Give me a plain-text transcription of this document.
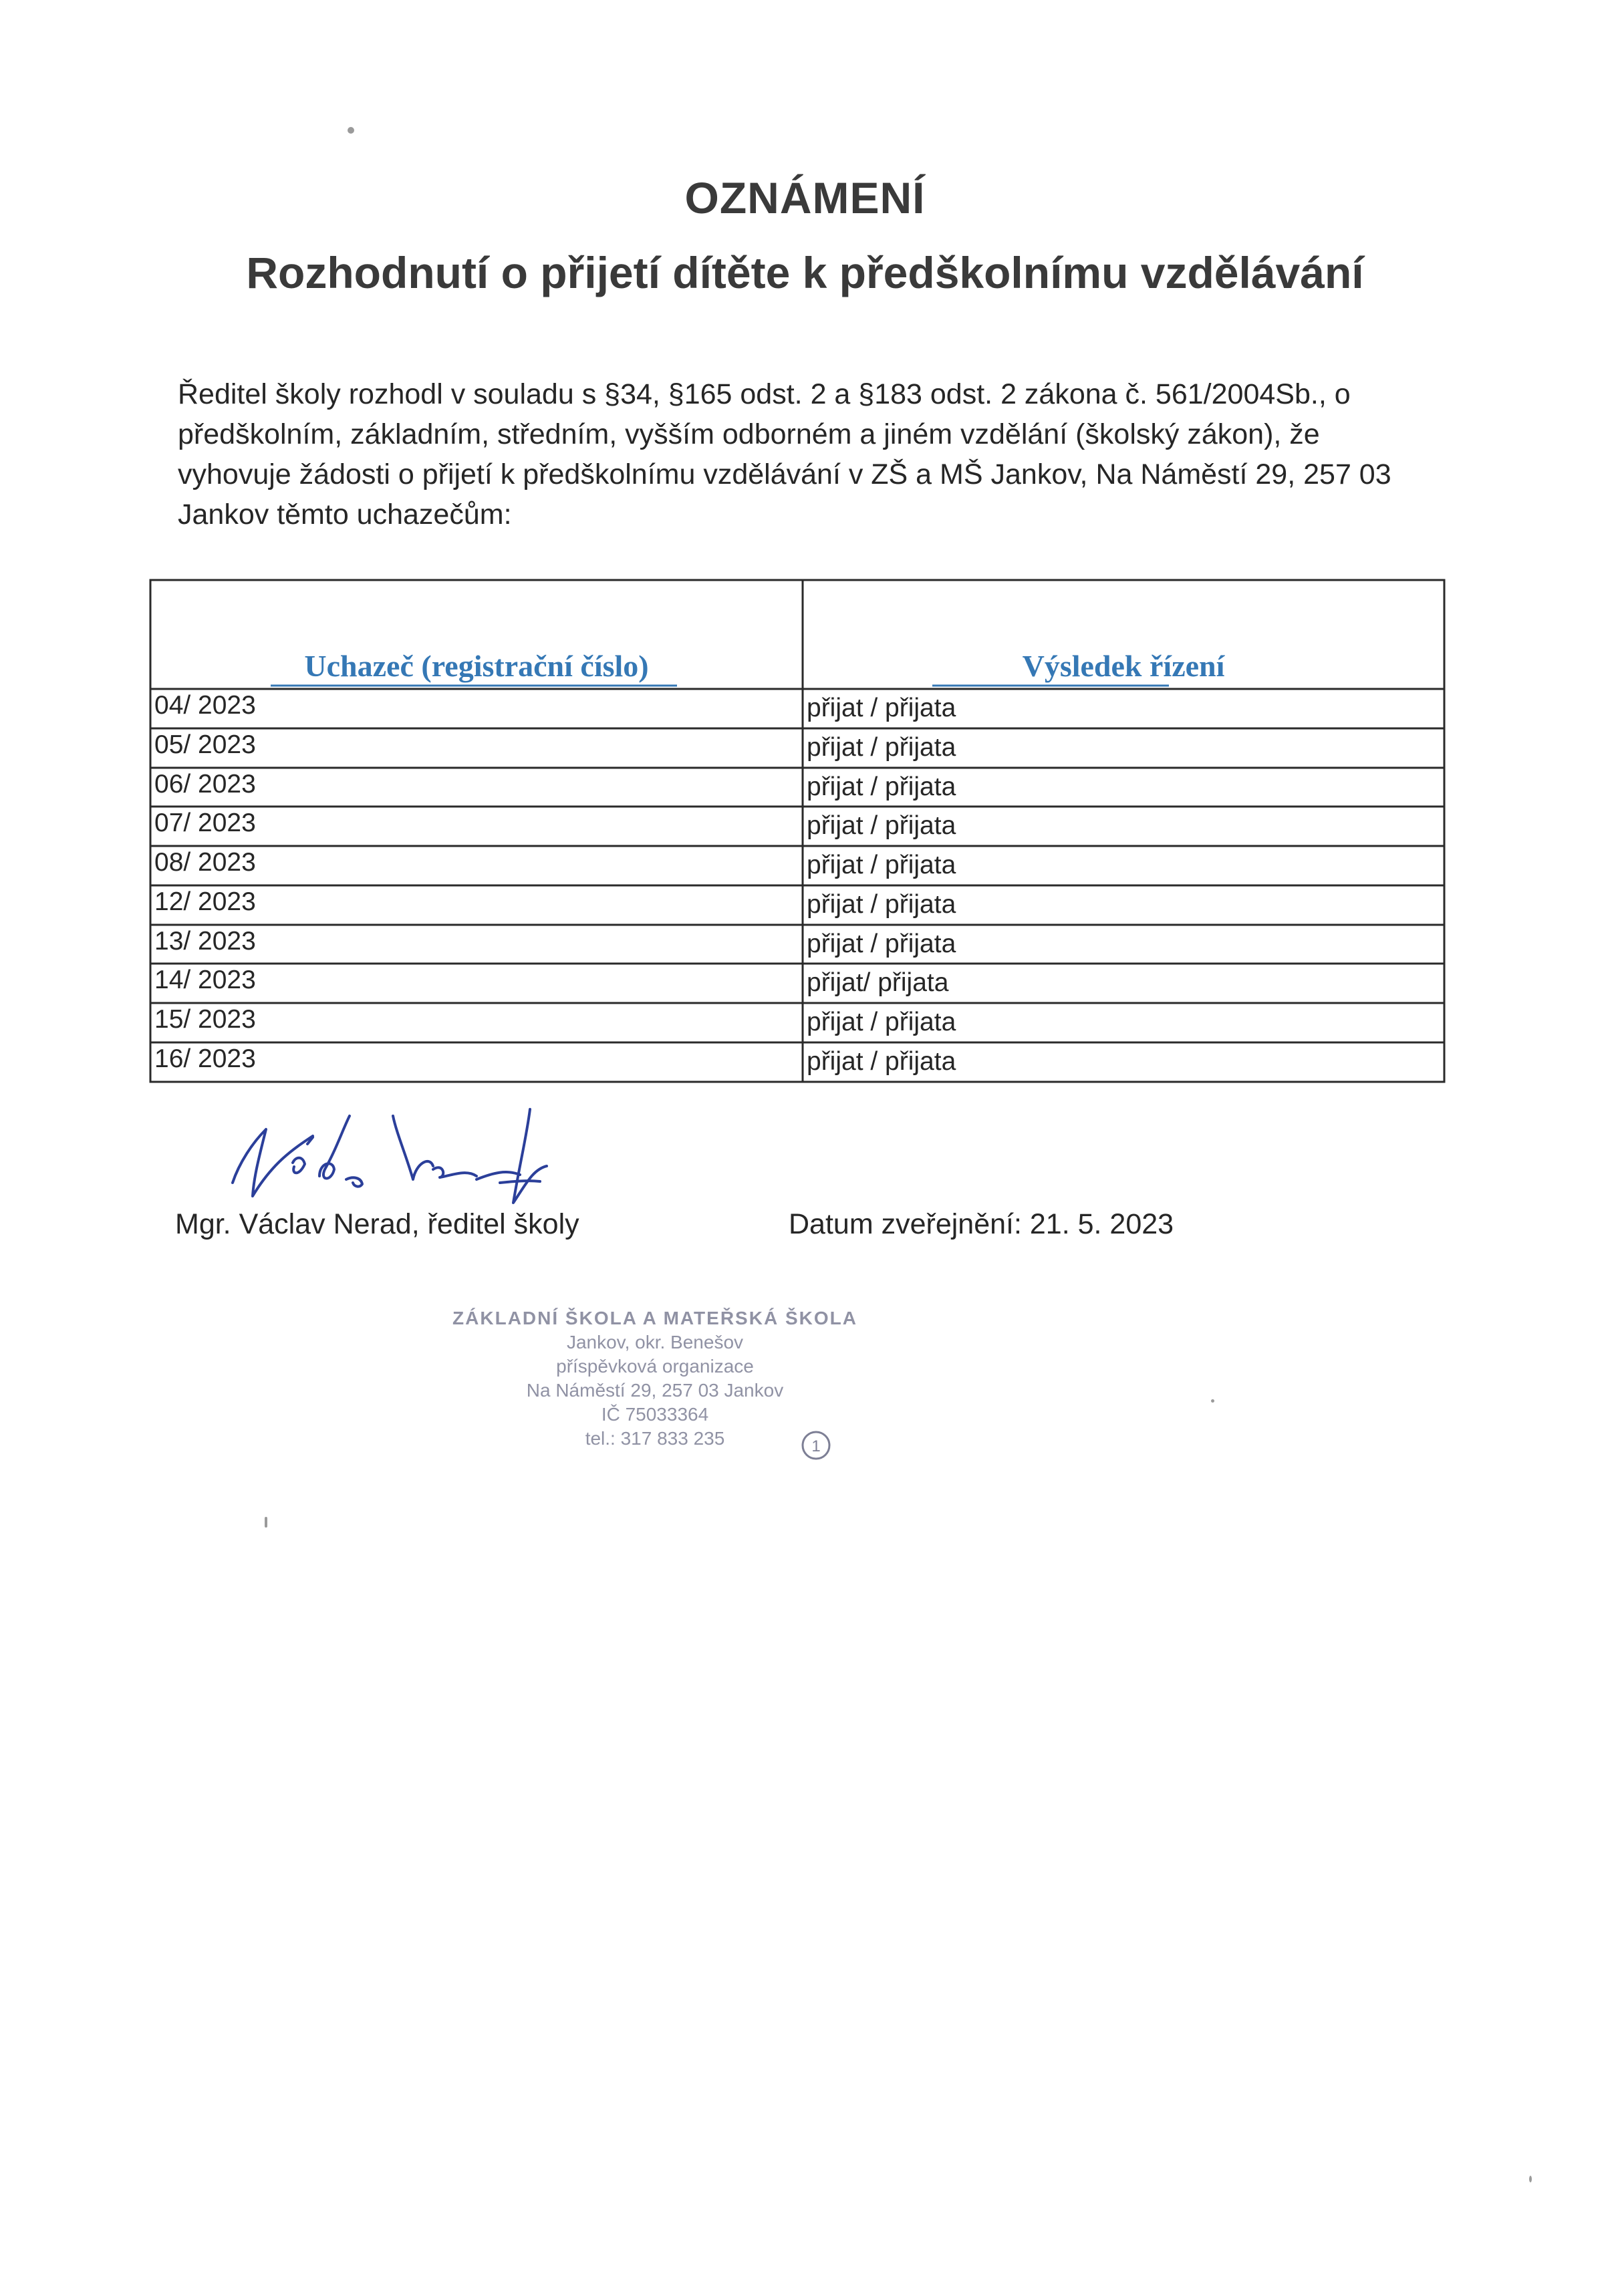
OZNÁMENÍ
Rozhodnutí o přijetí dítěte k předškolnímu vzdělávání
Ředitel školy rozhodl v souladu s §34, §165 odst. 2 a §183 odst. 2 zákona č. 561/2004Sb., o
předškolním, základním, středním, vyšším odborném a jiném vzdělání (školský zákon), že
vyhovuje žádosti o přijetí k předškolnímu vzdělávání v ZŠ a MŠ Jankov, Na Náměstí 29, 257 03
Jankov těmto uchazečům:
Uchazeč (registrační číslo)	Výsledek řízení
04/ 2023	přijat / přijata
05/ 2023	přijat / přijata
06/ 2023	přijat / přijata
07/ 2023	přijat / přijata
08/ 2023	přijat / přijata
12/ 2023	přijat / přijata
13/ 2023	přijat / přijata
14/ 2023	přijat/ přijata
15/ 2023	přijat / přijata
16/ 2023	přijat / přijata
Mgr. Václav Nerad, ředitel školy	Datum zveřejnění: 21. 5. 2023
ZÁKLADNÍ ŠKOLA A MATEŘSKÁ ŠKOLA
Jankov, okr. Benešov
příspěvková organizace
Na Náměstí 29, 257 03 Jankov
IČ 75033364
tel.: 317 833 235	1
